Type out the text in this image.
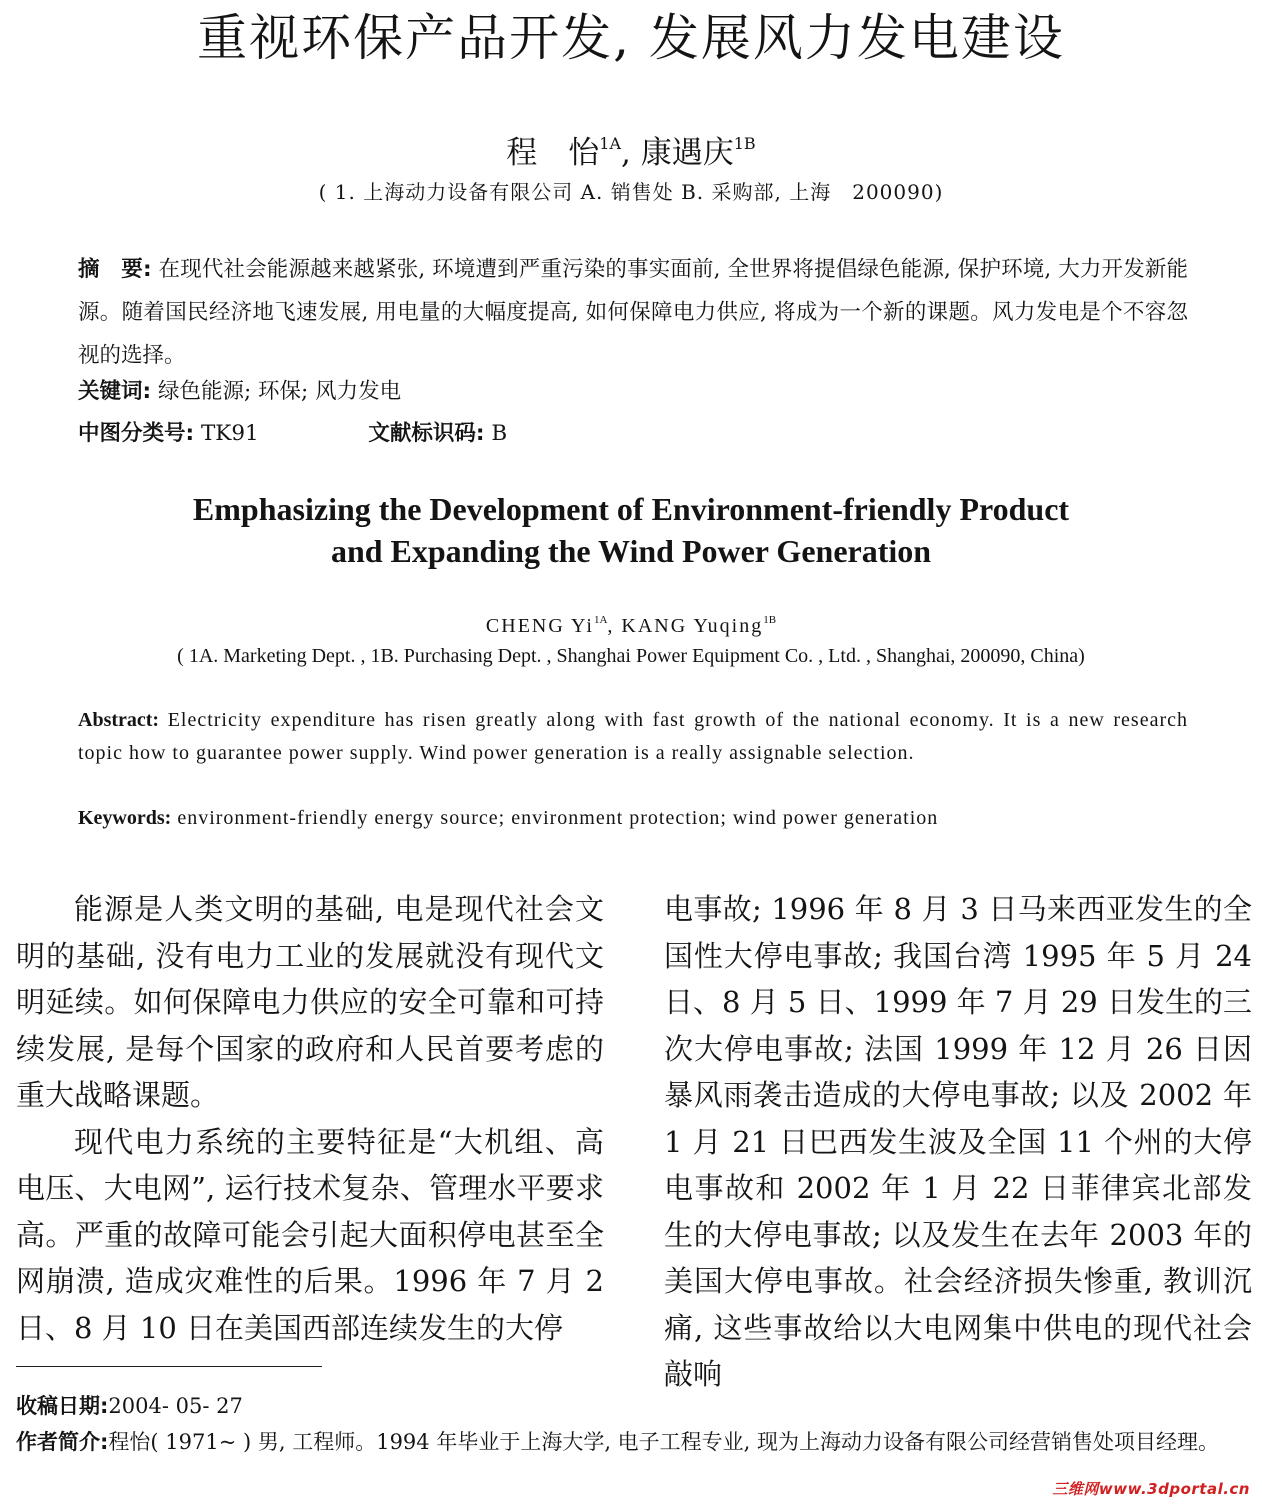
重视环保产品开发, 发展风力发电建设
程　怡$^{1A}$, 康遇庆$^{1B}$
( 1. 上海动力设备有限公司 A. 销售处 B. 采购部, 上海　200090)
摘　要: 在现代社会能源越来越紧张, 环境遭到严重污染的事实面前, 全世界将提倡绿色能源, 保护环境, 大力开发新能源。随着国民经济地飞速发展, 用电量的大幅度提高, 如何保障电力供应, 将成为一个新的课题。风力发电是个不容忽视的选择。
关键词: 绿色能源; 环保; 风力发电
中图分类号: TK91	文献标识码: B
Emphasizing the Development of Environment-friendly Product
and Expanding the Wind Power Generation
CHENG $Yi^{1A}$, KANG Yuqing$^{1B}$
( 1A. Marketing Dept. , 1B. Purchasing Dept. , Shanghai Power Equipment Co. , Ltd. , Shanghai, 200090, China)
Abstract: Electricity expenditure has risen greatly along with fast growth of the national economy. It is a new research topic how to guarantee power supply. Wind power generation is a really assignable selection.
Keywords: environment-friendly energy source; environment protection; wind power generation

能源是人类文明的基础, 电是现代社会文明的基础, 没有电力工业的发展就没有现代文明延续。如何保障电力供应的安全可靠和可持续发展, 是每个国家的政府和人民首要考虑的重大战略课题。

现代电力系统的主要特征是“大机组、高电压、大电网”, 运行技术复杂、管理水平要求高。严重的故障可能会引起大面积停电甚至全网崩溃, 造成灾难性的后果。1996 年 7 月 2 日、8 月 10 日在美国西部连续发生的大停

电事故; 1996 年 8 月 3 日马来西亚发生的全国性大停电事故; 我国台湾 1995 年 5 月 24 日、8 月 5 日、1999 年 7 月 29 日发生的三次大停电事故; 法国 1999 年 12 月 26 日因暴风雨袭击造成的大停电事故; 以及 2002 年 1 月 21 日巴西发生波及全国 11 个州的大停电事故和 2002 年 1 月 22 日菲律宾北部发生的大停电事故; 以及发生在去年 2003 年的美国大停电事故。社会经济损失惨重, 教训沉痛, 这些事故给以大电网集中供电的现代社会敲响

收稿日期: 2004- 05- 27
作者简介: 程怡( 1971~ ) 男, 工程师。1994 年毕业于上海大学, 电子工程专业, 现为上海动力设备有限公司经营销售处项目经理。
三维网www.3dportal.cn
